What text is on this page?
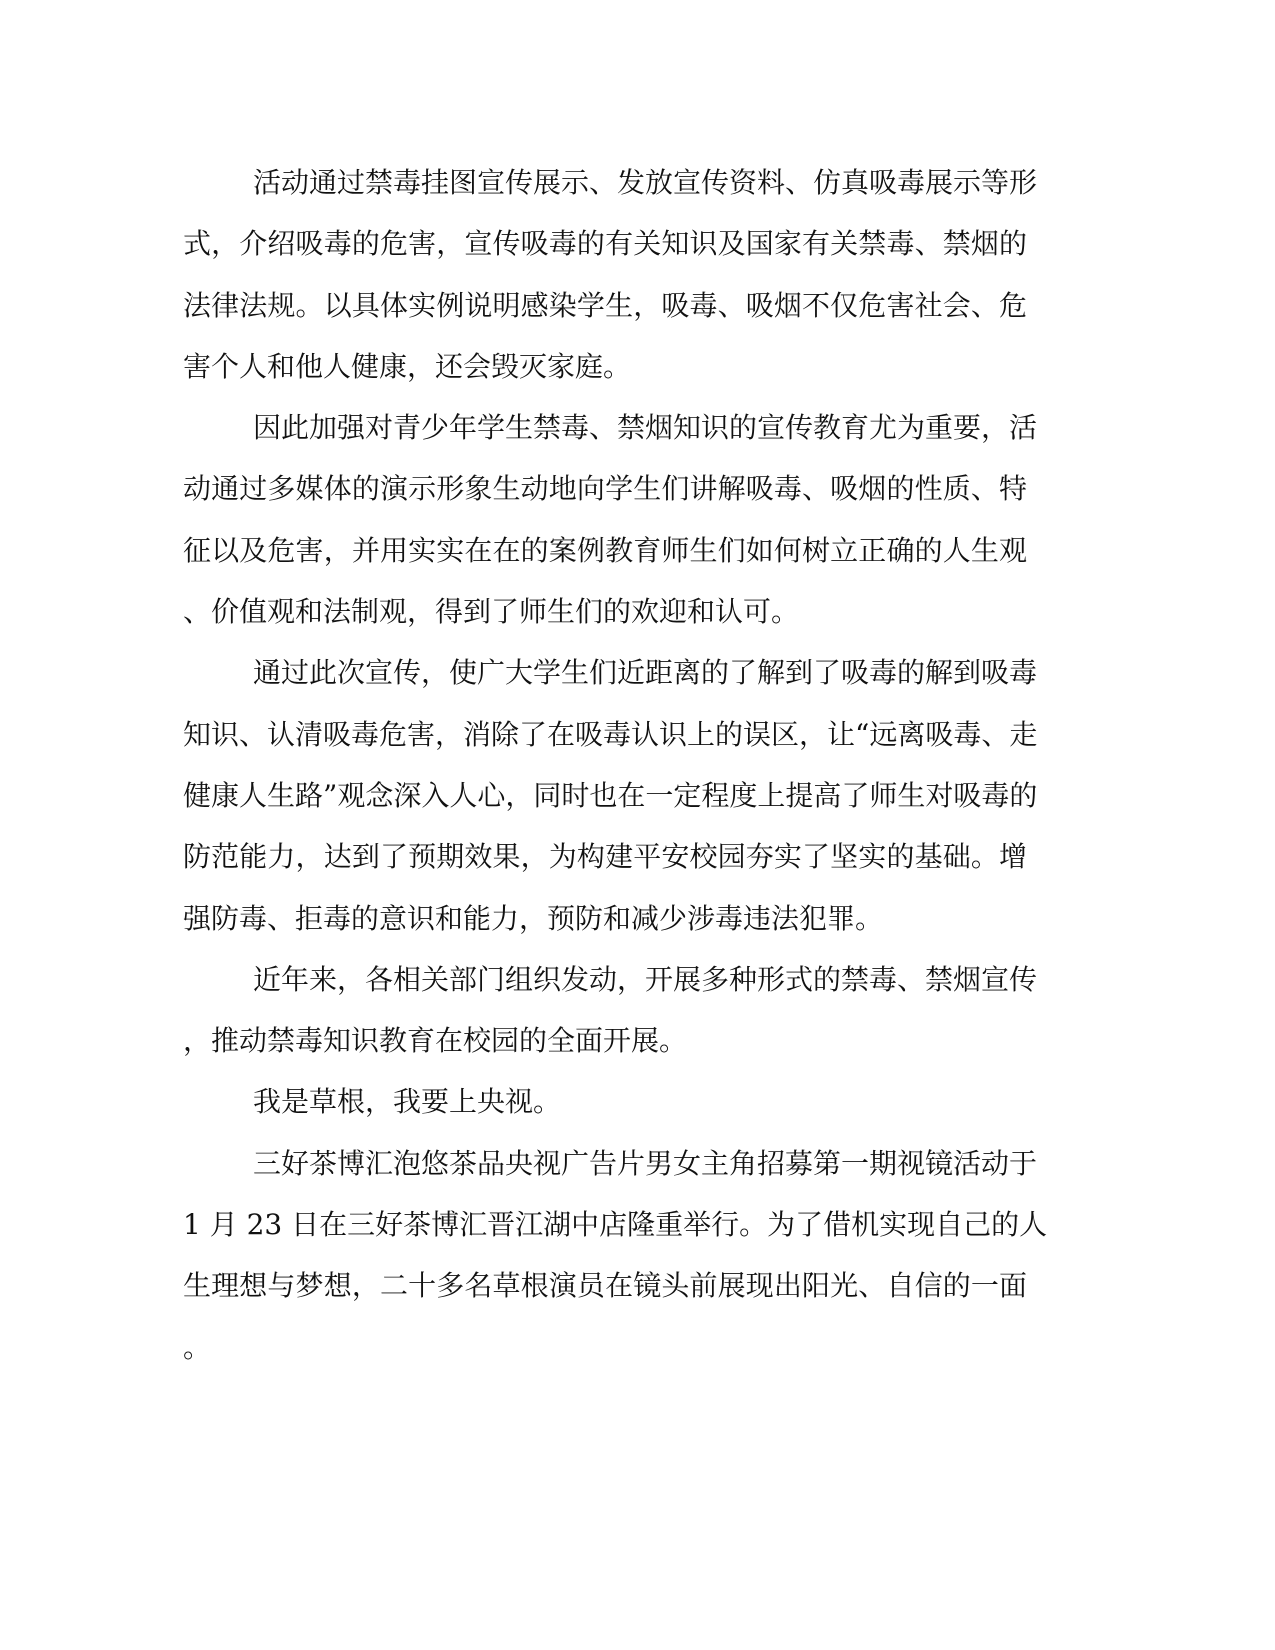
活动通过禁毒挂图宣传展示、发放宣传资料、仿真吸毒展示等形
式，介绍吸毒的危害，宣传吸毒的有关知识及国家有关禁毒、禁烟的
法律法规。以具体实例说明感染学生，吸毒、吸烟不仅危害社会、危
害个人和他人健康，还会毁灭家庭。
因此加强对青少年学生禁毒、禁烟知识的宣传教育尤为重要，活
动通过多媒体的演示形象生动地向学生们讲解吸毒、吸烟的性质、特
征以及危害，并用实实在在的案例教育师生们如何树立正确的人生观
、价值观和法制观，得到了师生们的欢迎和认可。
通过此次宣传，使广大学生们近距离的了解到了吸毒的解到吸毒
知识、认清吸毒危害，消除了在吸毒认识上的误区，让“远离吸毒、走
健康人生路”观念深入人心，同时也在一定程度上提高了师生对吸毒的
防范能力，达到了预期效果，为构建平安校园夯实了坚实的基础。增
强防毒、拒毒的意识和能力，预防和减少涉毒违法犯罪。
近年来，各相关部门组织发动，开展多种形式的禁毒、禁烟宣传
，推动禁毒知识教育在校园的全面开展。
我是草根，我要上央视。
三好茶博汇泡悠茶品央视广告片男女主角招募第一期视镜活动于
1 月 23 日在三好茶博汇晋江湖中店隆重举行。为了借机实现自己的人
生理想与梦想，二十多名草根演员在镜头前展现出阳光、自信的一面
。
